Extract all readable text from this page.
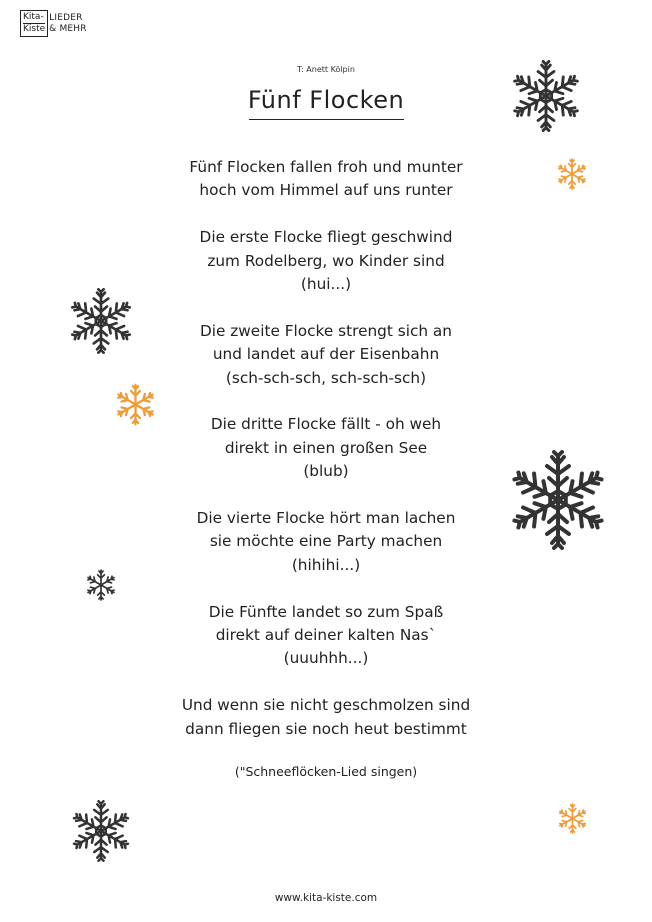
Kita-
Kiste
LIEDER
& MEHR
T: Anett Kölpin
Fünf Flocken
Fünf Flocken fallen froh und munter
hoch vom Himmel auf uns runter
Die erste Flocke fliegt geschwind
zum Rodelberg, wo Kinder sind
(hui...)
Die zweite Flocke strengt sich an
und landet auf der Eisenbahn
(sch-sch-sch, sch-sch-sch)
Die dritte Flocke fällt - oh weh
direkt in einen großen See
(blub)
Die vierte Flocke hört man lachen
sie möchte eine Party machen
(hihihi...)
Die Fünfte landet so zum Spaß
direkt auf deiner kalten Nas`
(uuuhhh...)
Und wenn sie nicht geschmolzen sind
dann fliegen sie noch heut bestimmt
("Schneeflöcken-Lied singen)
www.kita-kiste.com
